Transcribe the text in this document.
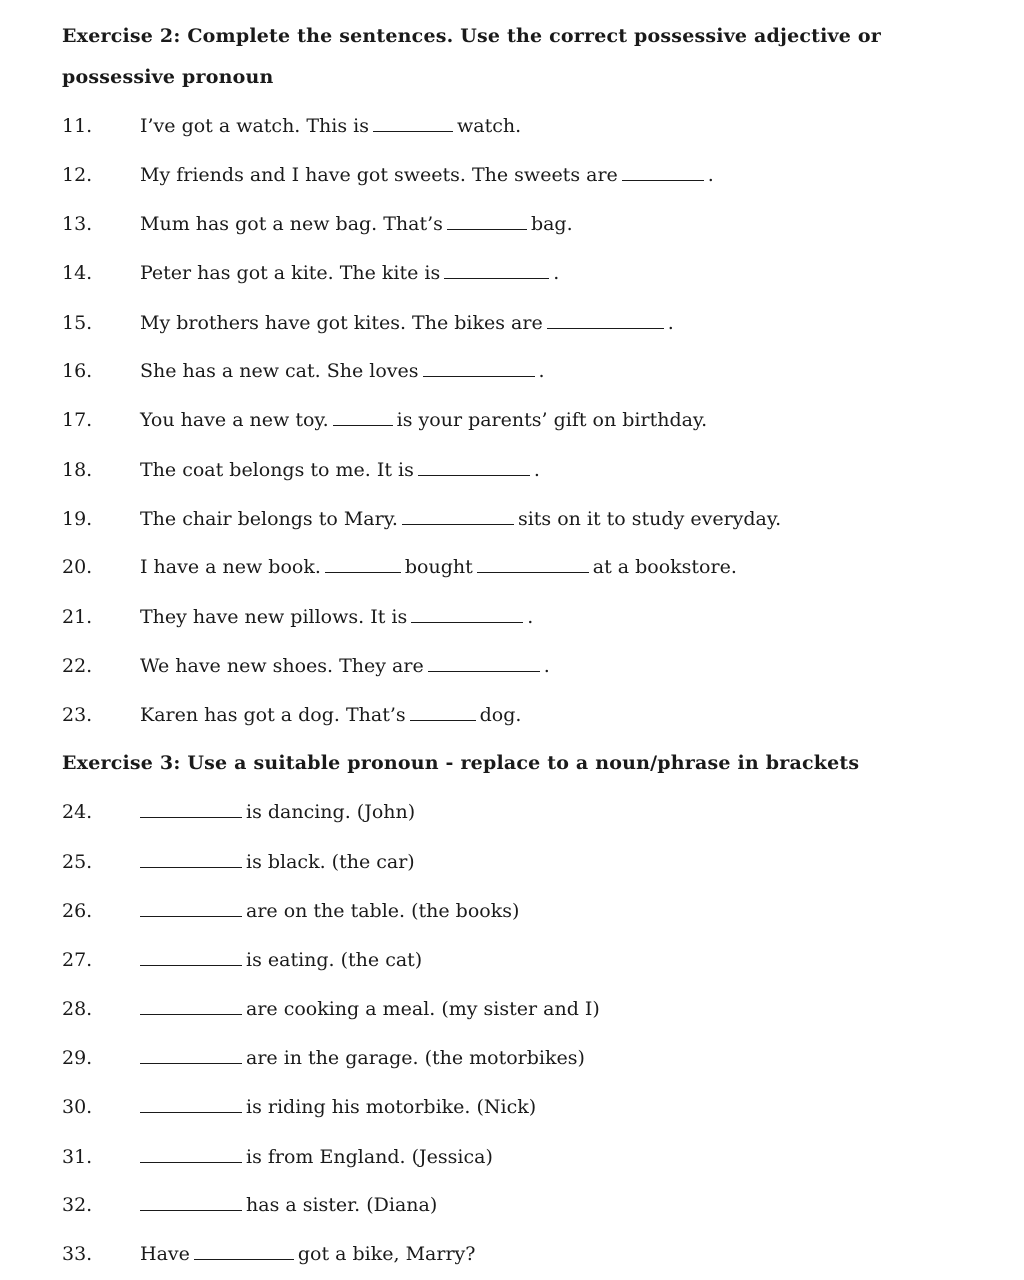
Exercise 2: Complete the sentences. Use the correct possessive adjective or
possessive pronoun
11.	I’ve got a watch. This is	watch.
12.	My friends and I have got sweets. The sweets are	.
13.	Mum has got a new bag. That’s	bag.
14.	Peter has got a kite. The kite is	.
15.	My brothers have got kites. The bikes are	.
16.	She has a new cat. She loves	.
17.	You have a new toy.	is your parents’ gift on birthday.
18.	The coat belongs to me. It is	.
19.	The chair belongs to Mary.	sits on it to study everyday.
20.	I have a new book.	bought	at a bookstore.
21.	They have new pillows. It is	.
22.	We have new shoes. They are	.
23.	Karen has got a dog. That’s	dog.
Exercise 3: Use a suitable pronoun - replace to a noun/phrase in brackets
24.	is dancing. (John)
25.	is black. (the car)
26.	are on the table. (the books)
27.	is eating. (the cat)
28.	are cooking a meal. (my sister and I)
29.	are in the garage. (the motorbikes)
30.	is riding his motorbike. (Nick)
31.	is from England. (Jessica)
32.	has a sister. (Diana)
33.	Have	got a bike, Marry?
